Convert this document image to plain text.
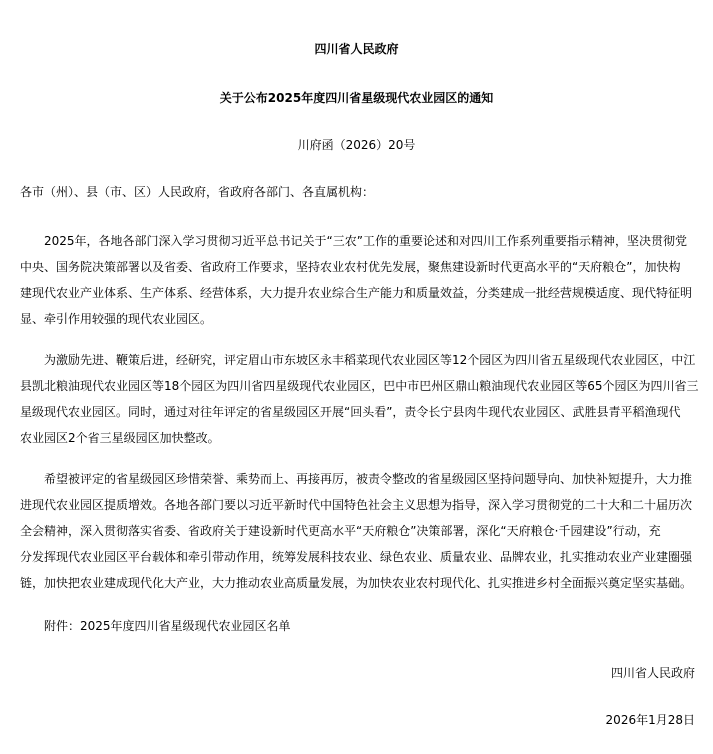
四川省人民政府
关于公布2025年度四川省星级现代农业园区的通知
川府函（2026）20号
各市（州）、县（市、区）人民政府，省政府各部门、各直属机构：
2025年，各地各部门深入学习贯彻习近平总书记关于“三农”工作的重要论述和对四川工作系列重要指示精神，坚决贯彻党
中央、国务院决策部署以及省委、省政府工作要求，坚持农业农村优先发展，聚焦建设新时代更高水平的“天府粮仓”，加快构
建现代农业产业体系、生产体系、经营体系，大力提升农业综合生产能力和质量效益，分类建成一批经营规模适度、现代特征明
显、牵引作用较强的现代农业园区。
为激励先进、鞭策后进，经研究，评定眉山市东坡区永丰稻菜现代农业园区等12个园区为四川省五星级现代农业园区，中江
县凯北粮油现代农业园区等18个园区为四川省四星级现代农业园区，巴中市巴州区鼎山粮油现代农业园区等65个园区为四川省三
星级现代农业园区。同时，通过对往年评定的省星级园区开展“回头看”，责令长宁县肉牛现代农业园区、武胜县青平稻渔现代
农业园区2个省三星级园区加快整改。
希望被评定的省星级园区珍惜荣誉、乘势而上、再接再厉，被责令整改的省星级园区坚持问题导向、加快补短提升，大力推
进现代农业园区提质增效。各地各部门要以习近平新时代中国特色社会主义思想为指导，深入学习贯彻党的二十大和二十届历次
全会精神，深入贯彻落实省委、省政府关于建设新时代更高水平“天府粮仓”决策部署，深化“天府粮仓·千园建设”行动，充
分发挥现代农业园区平台载体和牵引带动作用，统筹发展科技农业、绿色农业、质量农业、品牌农业，扎实推动农业产业建圈强
链，加快把农业建成现代化大产业，大力推动农业高质量发展，为加快农业农村现代化、扎实推进乡村全面振兴奠定坚实基础。
附件：2025年度四川省星级现代农业园区名单
四川省人民政府
2026年1月28日
